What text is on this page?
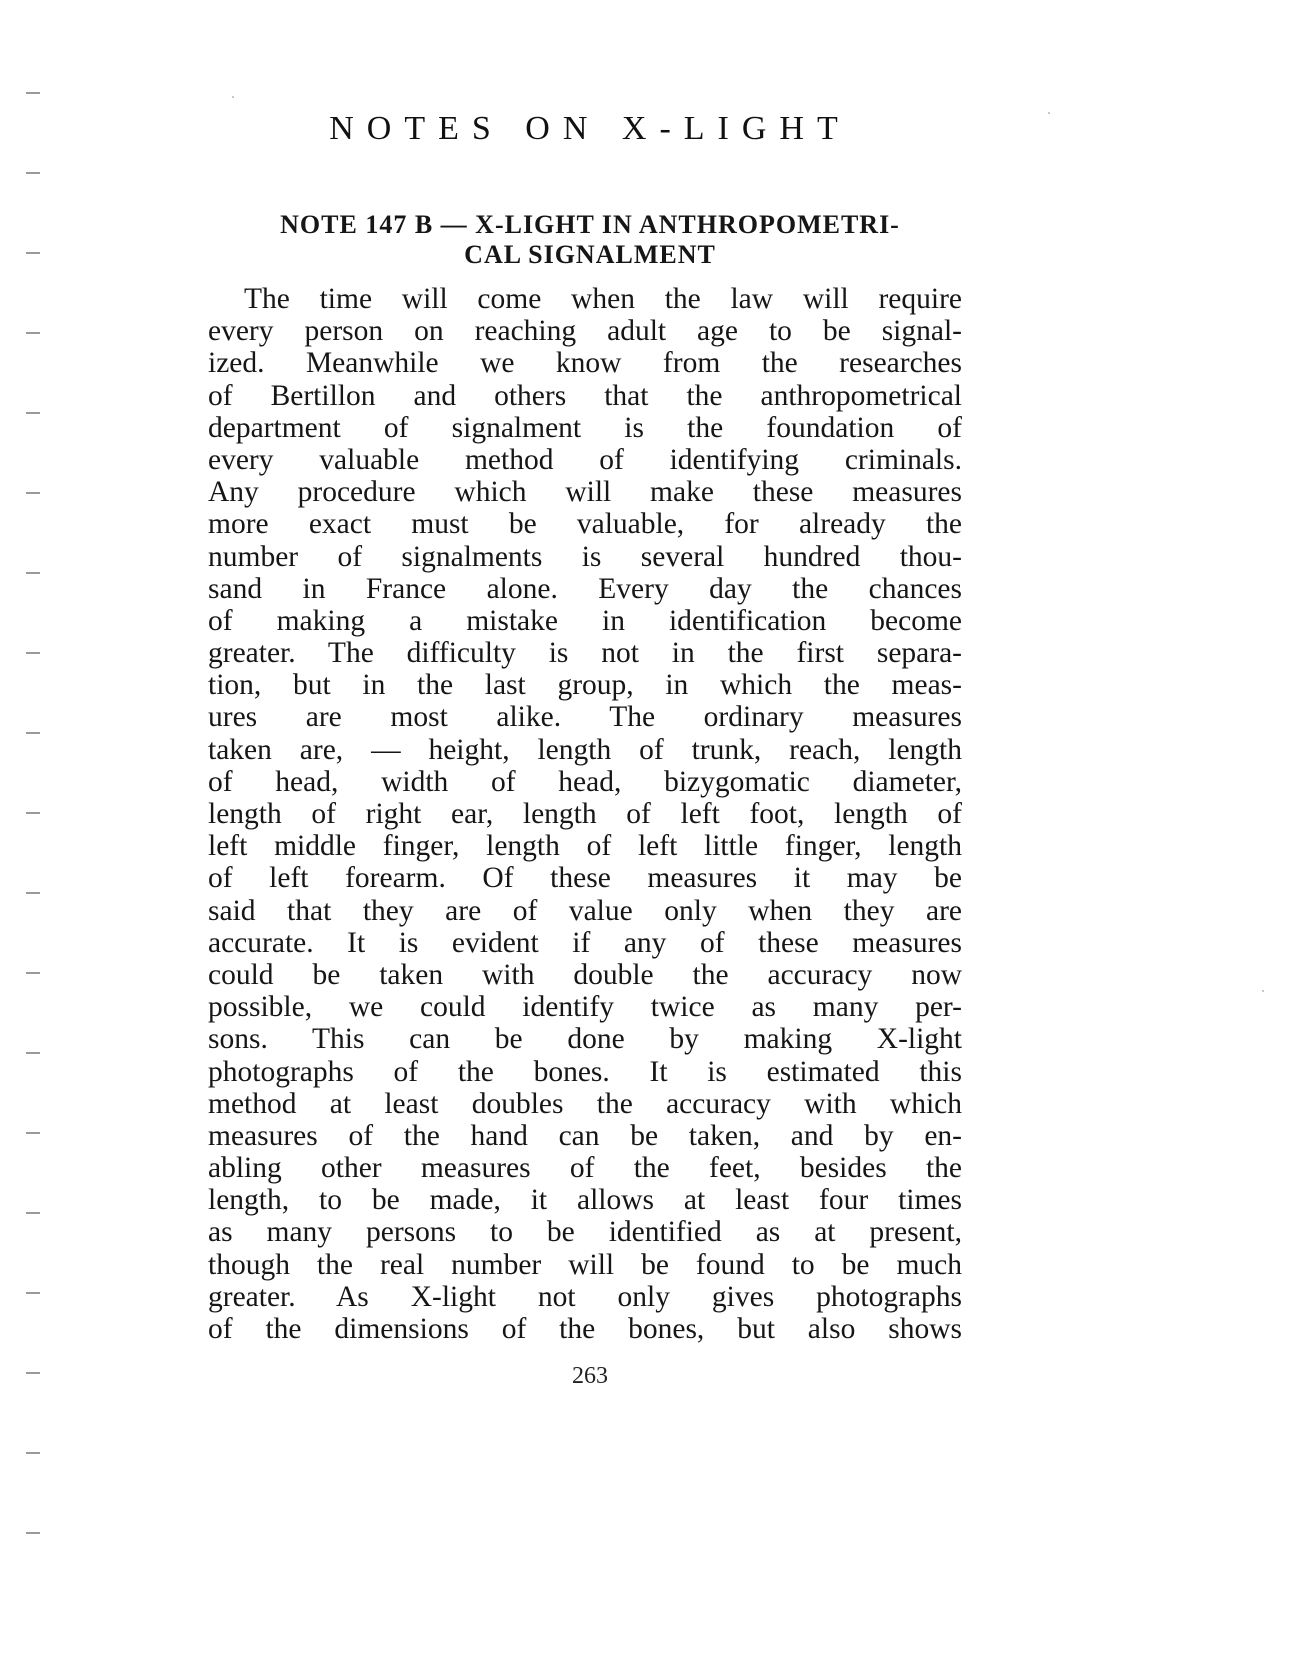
NOTES ON X-LIGHT
NOTE 147 B — X-LIGHT IN ANTHROPOMETRI-
CAL SIGNALMENT
The time will come when the law will require
every person on reaching adult age to be signal-
ized. Meanwhile we know from the researches
of Bertillon and others that the anthropometrical
department of signalment is the foundation of
every valuable method of identifying criminals.
Any procedure which will make these measures
more exact must be valuable, for already the
number of signalments is several hundred thou-
sand in France alone. Every day the chances
of making a mistake in identification become
greater. The difficulty is not in the first separa-
tion, but in the last group, in which the meas-
ures are most alike. The ordinary measures
taken are, — height, length of trunk, reach, length
of head, width of head, bizygomatic diameter,
length of right ear, length of left foot, length of
left middle finger, length of left little finger, length
of left forearm. Of these measures it may be
said that they are of value only when they are
accurate. It is evident if any of these measures
could be taken with double the accuracy now
possible, we could identify twice as many per-
sons. This can be done by making X-light
photographs of the bones. It is estimated this
method at least doubles the accuracy with which
measures of the hand can be taken, and by en-
abling other measures of the feet, besides the
length, to be made, it allows at least four times
as many persons to be identified as at present,
though the real number will be found to be much
greater. As X-light not only gives photographs
of the dimensions of the bones, but also shows
263
